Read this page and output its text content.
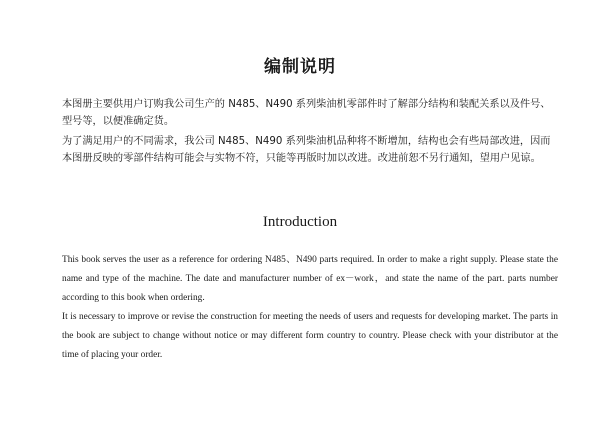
编制说明

本图册主要供用户订购我公司生产的 N485、N490 系列柴油机零部件时了解部分结构和装配关系以及件号、型号等，以便准确定货。

为了满足用户的不同需求，我公司 N485、N490 系列柴油机品种将不断增加，结构也会有些局部改进，因而本图册反映的零部件结构可能会与实物不符，只能等再版时加以改进。改进前恕不另行通知，望用户见谅。

Introduction

This book serves the user as a reference for ordering N485、N490 parts required. In order to make a right supply. Please state the name and type of the machine. The date and manufacturer number of ex－work，and state the name of the part. parts number according to this book when ordering.

It is necessary to improve or revise the construction for meeting the needs of users and requests for developing market. The parts in the book are subject to change without notice or may different form country to country. Please check with your distributor at the time of placing your order.
